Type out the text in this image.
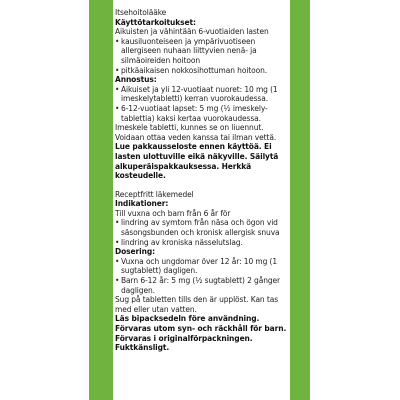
Itsehoitolääke

Käyttötarkoitukset:

Aikuisten ja vähintään 6-vuotiaiden lasten

• kausiluonteiseen ja ympärivuotiseen allergiseen nuhaan liittyvien nenä- ja silmäoireiden hoitoon
• pitkäaikaisen nokkosihottuman hoitoon.

Annostus:

• Aikuiset ja yli 12-vuotiaat nuoret: 10 mg (1 imeskelytabletti) kerran vuorokaudessa.
• 6-12-vuotiaat lapset: 5 mg (½ imeskely-tablettia) kaksi kertaa vuorokaudessa.

Imeskele tabletti, kunnes se on liuennut. Voidaan ottaa veden kanssa tai ilman vettä.

Lue pakkausseloste ennen käyttöä. Ei lasten ulottuville eikä näkyville. Säilytä alkuperäispakkauksessa. Herkkä kosteudelle.

Receptfritt läkemedel

Indikationer:

Till vuxna och barn från 6 år för

• lindring av symtom från näsa och ögon vid säsongsbunden och kronisk allergisk snuva
• lindring av kroniska nässelutslag.

Dosering:

• Vuxna och ungdomar över 12 år: 10 mg (1 sugtablett) dagligen.
• Barn 6-12 år: 5 mg (½ sugtablett) 2 gånger dagligen.

Sug på tabletten tills den är upplöst. Kan tas med eller utan vatten.

Läs bipacksedeln före användning. Förvaras utom syn- och räckhåll för barn. Förvaras i originalförpackningen. Fuktkänsligt.
